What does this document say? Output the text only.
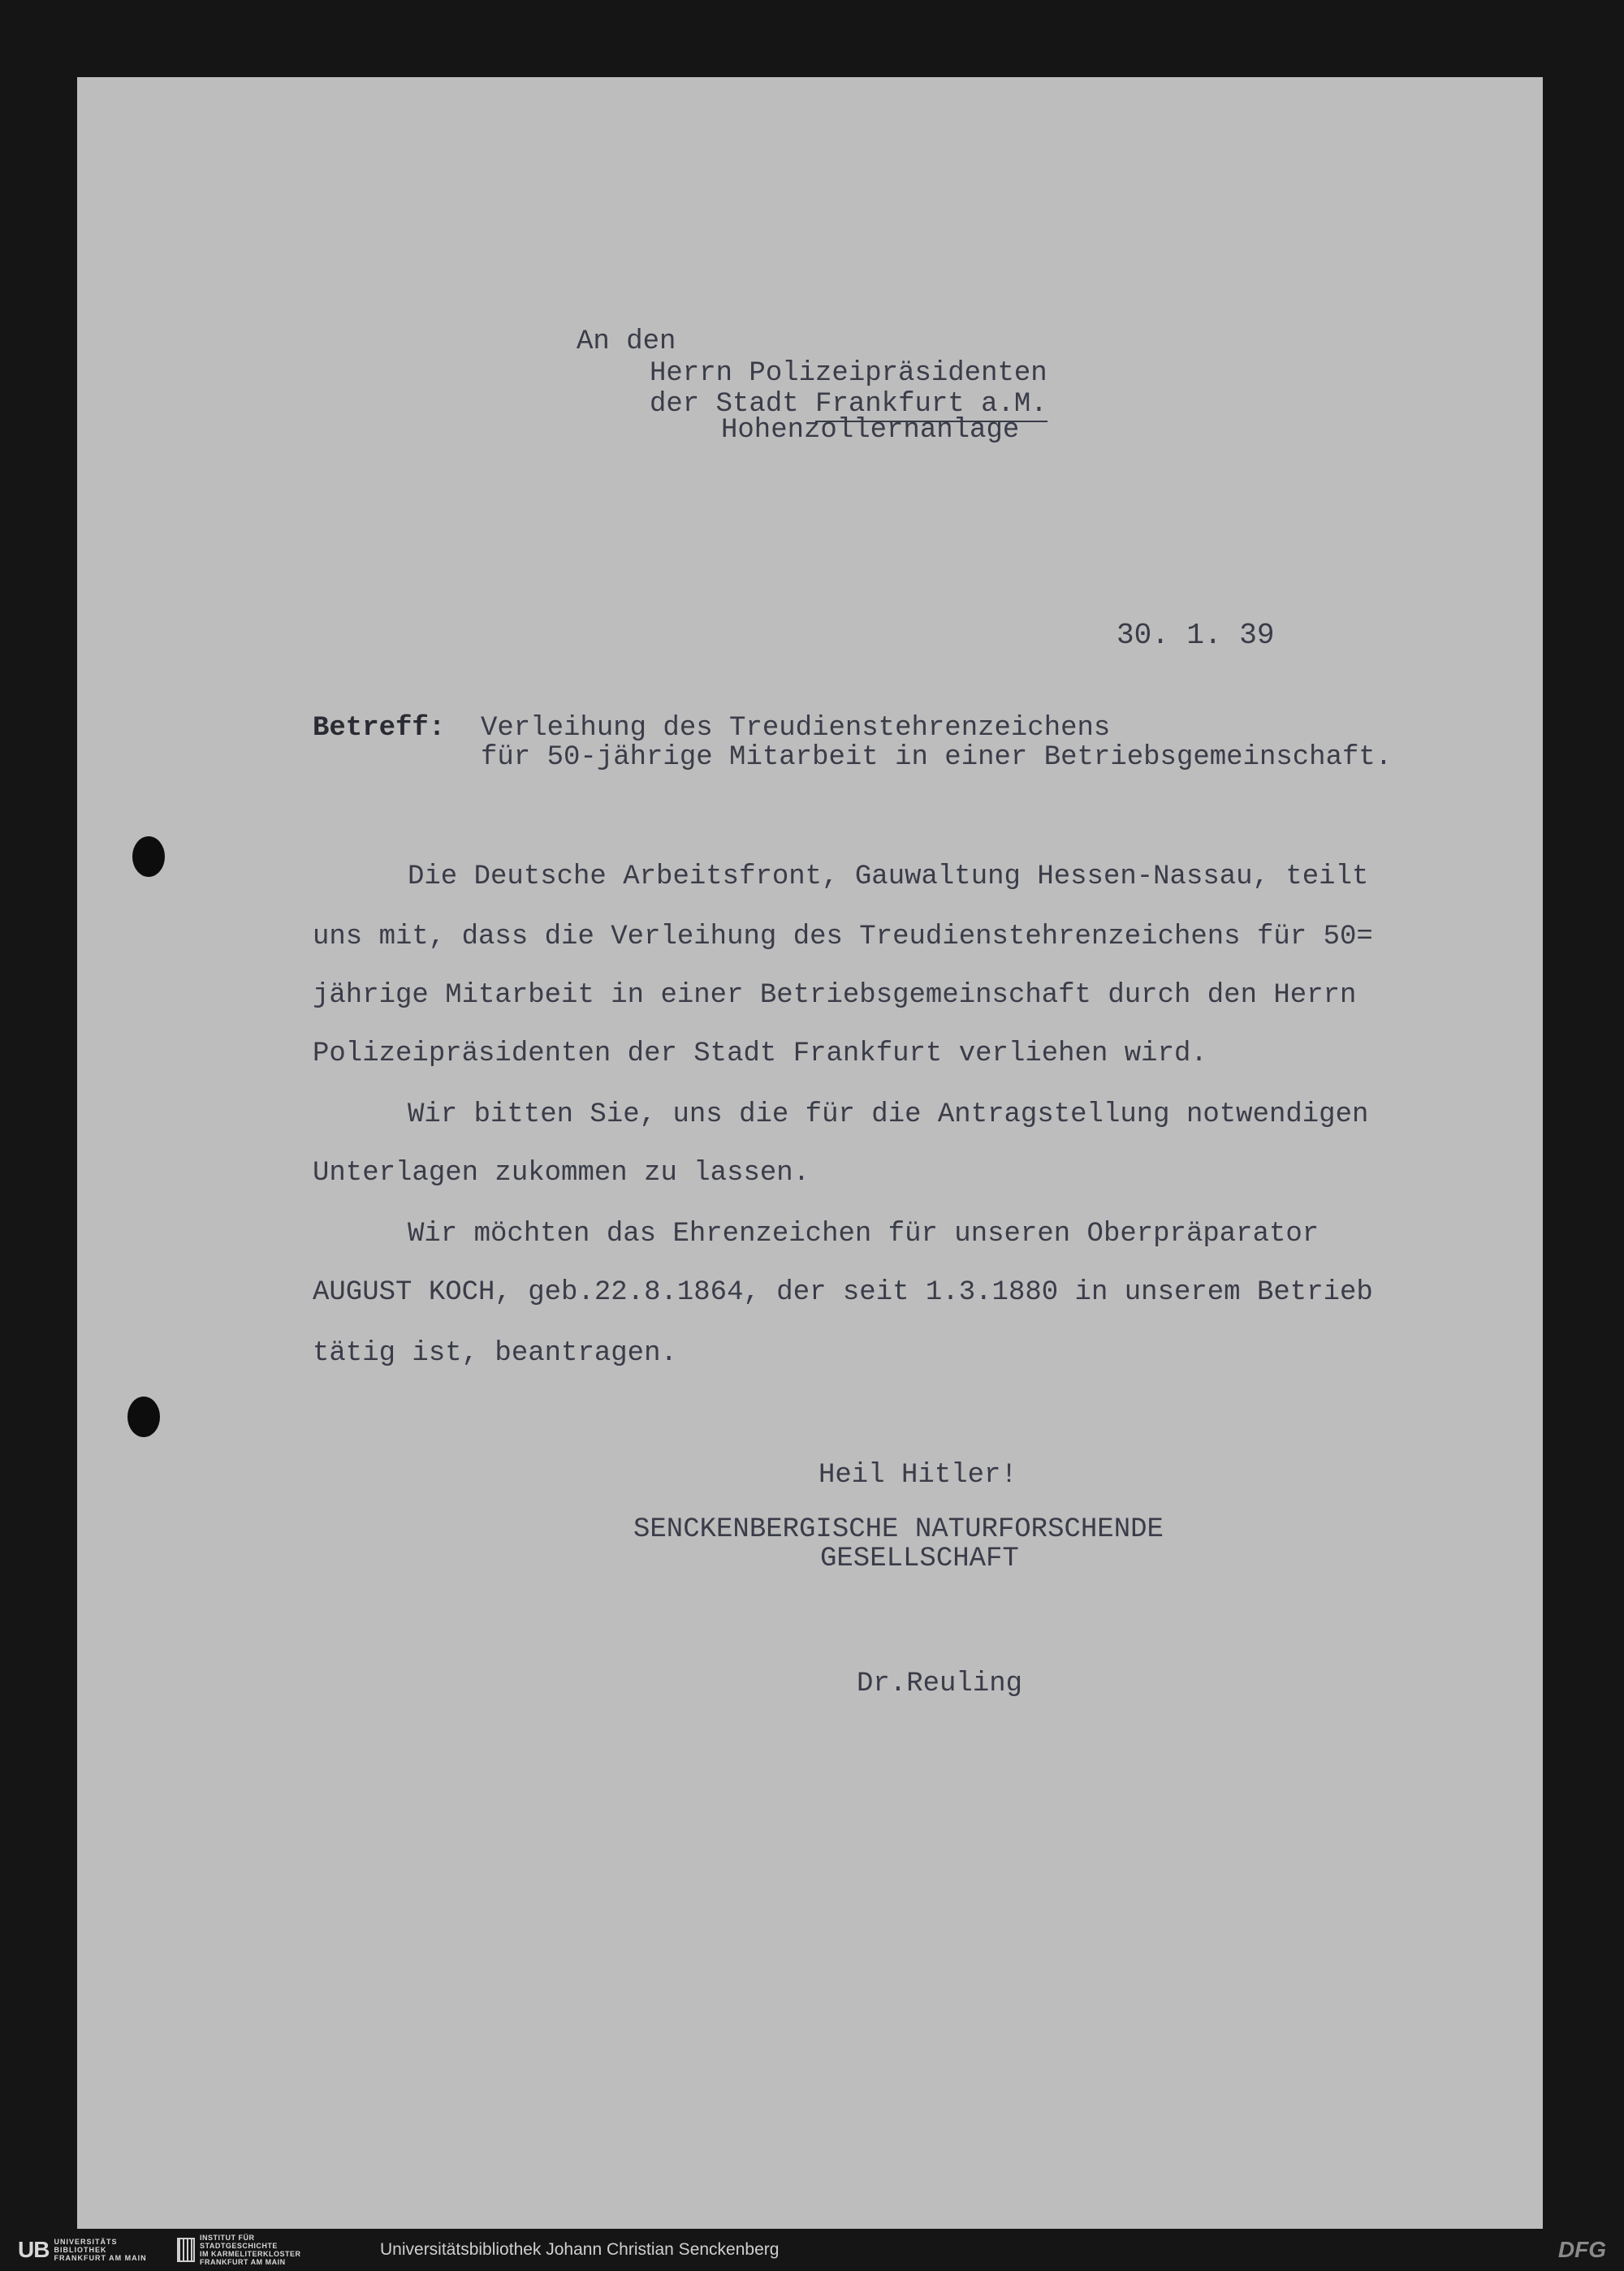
An den
Herrn Polizeipräsidenten
der Stadt Frankfurt a.M.
Hohenzollernanlage
30. 1. 39
Betreff: Verleihung des Treudienstehrenzeichens
für 50-jährige Mitarbeit in einer Betriebsgemeinschaft.
Die Deutsche Arbeitsfront, Gauwaltung Hessen-Nassau, teilt
uns mit, dass die Verleihung des Treudienstehrenzeichens für 50=
jährige Mitarbeit in einer Betriebsgemeinschaft durch den Herrn
Polizeipräsidenten der Stadt Frankfurt verliehen wird.
Wir bitten Sie, uns die für die Antragstellung notwendigen
Unterlagen zukommen zu lassen.
Wir möchten das Ehrenzeichen für unseren Oberpräparator
AUGUST KOCH, geb.22.8.1864, der seit 1.3.1880 in unserem Betrieb
tätig ist, beantragen.
Heil Hitler!
SENCKENBERGISCHE NATURFORSCHENDE
GESELLSCHAFT
Dr.Reuling
UB UNIVERSITÄTS
BIBLIOTHEK
FRANKFURT AM MAIN
INSTITUT FÜR
STADTGESCHICHTE
IM KARMELITERKLOSTER
FRANKFURT AM MAIN
Universitätsbibliothek Johann Christian Senckenberg	DFG
